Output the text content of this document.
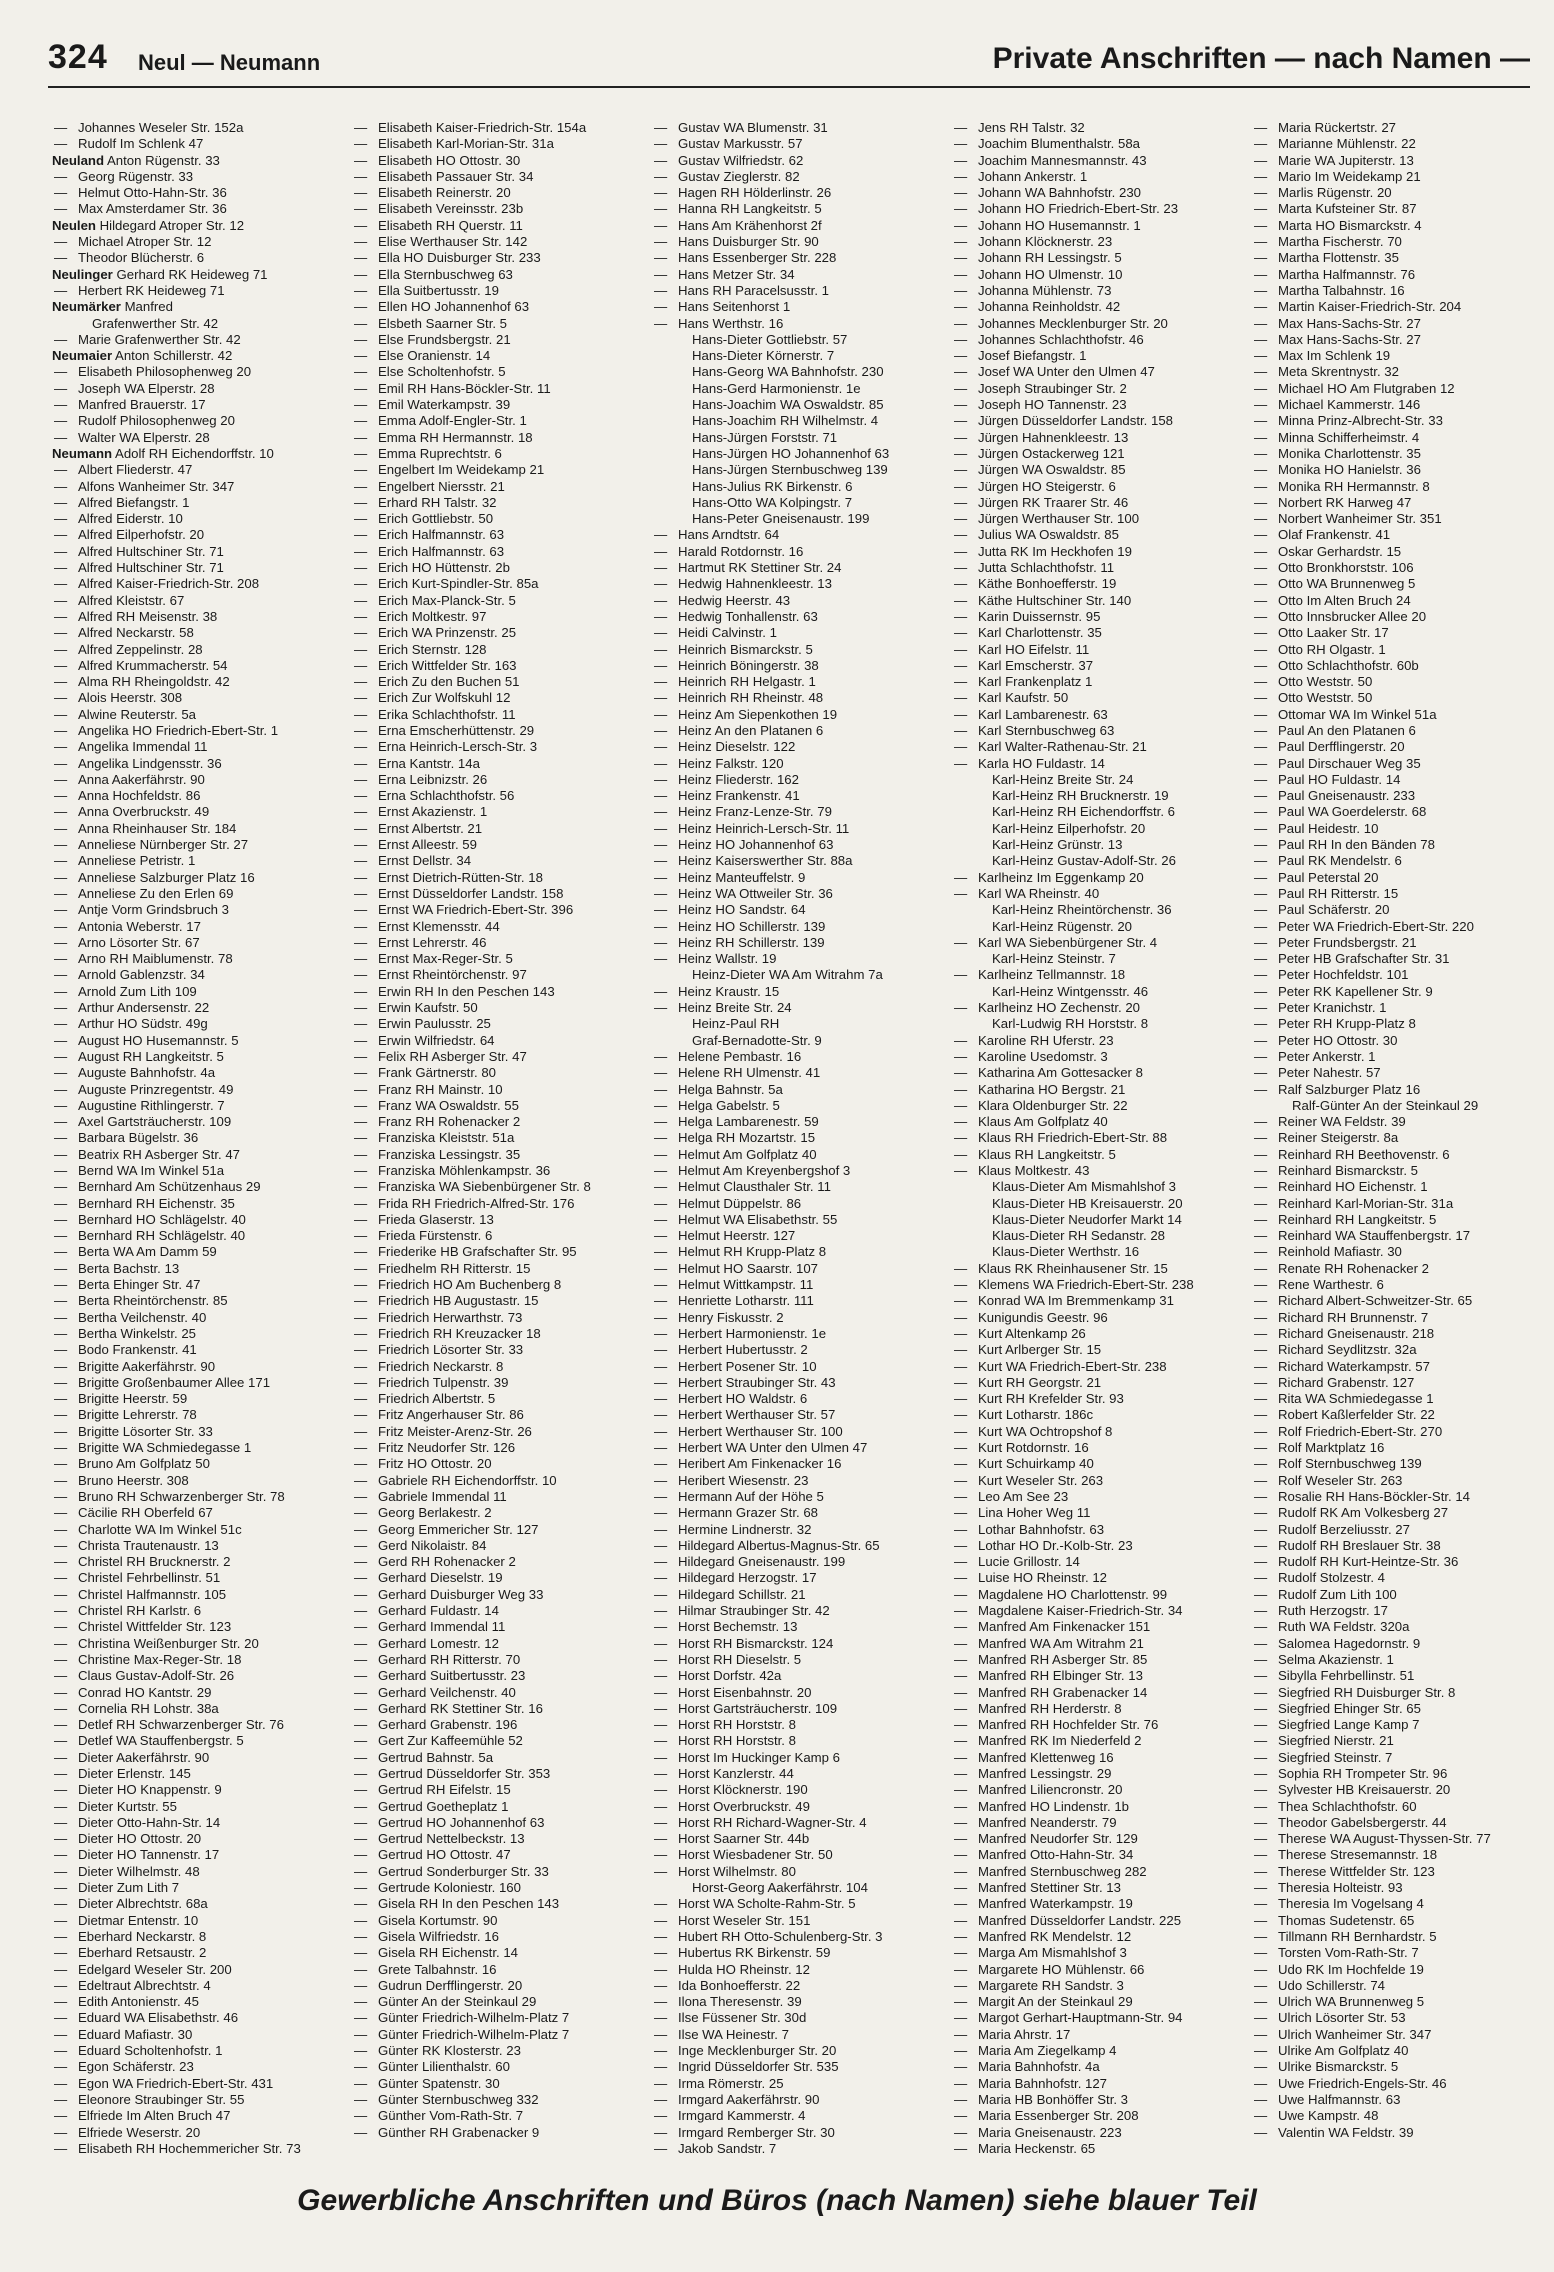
324 Neul — Neumann	Private Anschriften — nach Namen —
— Johannes Weseler Str. 152a
— Rudolf Im Schlenk 47
Neuland Anton Rügenstr. 33
— Georg Rügenstr. 33
— Helmut Otto-Hahn-Str. 36
— Max Amsterdamer Str. 36
Neulen Hildegard Atroper Str. 12
— Michael Atroper Str. 12
— Theodor Blücherstr. 6
Neulinger Gerhard RK Heideweg 71
— Herbert RK Heideweg 71
Neumärker Manfred
Grafenwerther Str. 42
— Marie Grafenwerther Str. 42
Neumaier Anton Schillerstr. 42
— Elisabeth Philosophenweg 20
— Joseph WA Elperstr. 28
— Manfred Brauerstr. 17
— Rudolf Philosophenweg 20
— Walter WA Elperstr. 28
Neumann Adolf RH Eichendorffstr. 10
— Albert Fliederstr. 47
— Alfons Wanheimer Str. 347
— Alfred Biefangstr. 1
— Alfred Eiderstr. 10
— Alfred Eilperhofstr. 20
— Alfred Hultschiner Str. 71
— Alfred Hultschiner Str. 71
— Alfred Kaiser-Friedrich-Str. 208
— Alfred Kleiststr. 67
— Alfred RH Meisenstr. 38
— Alfred Neckarstr. 58
— Alfred Zeppelinstr. 28
— Alfred Krummacherstr. 54
— Alma RH Rheingoldstr. 42
— Alois Heerstr. 308
— Alwine Reuterstr. 5a
— Angelika HO Friedrich-Ebert-Str. 1
— Angelika Immendal 11
— Angelika Lindgensstr. 36
— Anna Aakerfährstr. 90
— Anna Hochfeldstr. 86
— Anna Overbruckstr. 49
— Anna Rheinhauser Str. 184
— Anneliese Nürnberger Str. 27
— Anneliese Petristr. 1
— Anneliese Salzburger Platz 16
— Anneliese Zu den Erlen 69
— Antje Vorm Grindsbruch 3
— Antonia Weberstr. 17
— Arno Lösorter Str. 67
— Arno RH Maiblumenstr. 78
— Arnold Gablenzstr. 34
— Arnold Zum Lith 109
— Arthur Andersenstr. 22
— Arthur HO Südstr. 49g
— August HO Husemannstr. 5
— August RH Langkeitstr. 5
— Auguste Bahnhofstr. 4a
— Auguste Prinzregentstr. 49
— Augustine Rithlingerstr. 7
— Axel Gartsträucherstr. 109
— Barbara Bügelstr. 36
— Beatrix RH Asberger Str. 47
— Bernd WA Im Winkel 51a
— Bernhard Am Schützenhaus 29
— Bernhard RH Eichenstr. 35
— Bernhard HO Schlägelstr. 40
— Bernhard RH Schlägelstr. 40
— Berta WA Am Damm 59
— Berta Bachstr. 13
— Berta Ehinger Str. 47
— Berta Rheintörchenstr. 85
— Bertha Veilchenstr. 40
— Bertha Winkelstr. 25
— Bodo Frankenstr. 41
— Brigitte Aakerfährstr. 90
— Brigitte Großenbaumer Allee 171
— Brigitte Heerstr. 59
— Brigitte Lehrerstr. 78
— Brigitte Lösorter Str. 33
— Brigitte WA Schmiedegasse 1
— Bruno Am Golfplatz 50
— Bruno Heerstr. 308
— Bruno RH Schwarzenberger Str. 78
— Cäcilie RH Oberfeld 67
— Charlotte WA Im Winkel 51c
— Christa Trautenaustr. 13
— Christel RH Brucknerstr. 2
— Christel Fehrbellinstr. 51
— Christel Halfmannstr. 105
— Christel RH Karlstr. 6
— Christel Wittfelder Str. 123
— Christina Weißenburger Str. 20
— Christine Max-Reger-Str. 18
— Claus Gustav-Adolf-Str. 26
— Conrad HO Kantstr. 29
— Cornelia RH Lohstr. 38a
— Detlef RH Schwarzenberger Str. 76
— Detlef WA Stauffenbergstr. 5
— Dieter Aakerfährstr. 90
— Dieter Erlenstr. 145
— Dieter HO Knappenstr. 9
— Dieter Kurtstr. 55
— Dieter Otto-Hahn-Str. 14
— Dieter HO Ottostr. 20
— Dieter HO Tannenstr. 17
— Dieter Wilhelmstr. 48
— Dieter Zum Lith 7
— Dieter Albrechtstr. 68a
— Dietmar Entenstr. 10
— Eberhard Neckarstr. 8
— Eberhard Retsaustr. 2
— Edelgard Weseler Str. 200
— Edeltraut Albrechtstr. 4
— Edith Antonienstr. 45
— Eduard WA Elisabethstr. 46
— Eduard Mafiastr. 30
— Eduard Scholtenhofstr. 1
— Egon Schäferstr. 23
— Egon WA Friedrich-Ebert-Str. 431
— Eleonore Straubinger Str. 55
— Elfriede Im Alten Bruch 47
— Elfriede Weserstr. 20
— Elisabeth RH Hochemmericher Str. 73
— Elisabeth Kaiser-Friedrich-Str. 154a
— Elisabeth Karl-Morian-Str. 31a
— Elisabeth HO Ottostr. 30
— Elisabeth Passauer Str. 34
— Elisabeth Reinerstr. 20
— Elisabeth Vereinsstr. 23b
— Elisabeth RH Querstr. 11
— Elise Werthauser Str. 142
— Ella HO Duisburger Str. 233
— Ella Sternbuschweg 63
— Ella Suitbertusstr. 19
— Ellen HO Johannenhof 63
— Elsbeth Saarner Str. 5
— Else Frundsbergstr. 21
— Else Oranienstr. 14
— Else Scholtenhofstr. 5
— Emil RH Hans-Böckler-Str. 11
— Emil Waterkampstr. 39
— Emma Adolf-Engler-Str. 1
— Emma RH Hermannstr. 18
— Emma Ruprechtstr. 6
— Engelbert Im Weidekamp 21
— Engelbert Niersstr. 21
— Erhard RH Talstr. 32
— Erich Gottliebstr. 50
— Erich Halfmannstr. 63
— Erich Halfmannstr. 63
— Erich HO Hüttenstr. 2b
— Erich Kurt-Spindler-Str. 85a
— Erich Max-Planck-Str. 5
— Erich Moltkestr. 97
— Erich WA Prinzenstr. 25
— Erich Sternstr. 128
— Erich Wittfelder Str. 163
— Erich Zu den Buchen 51
— Erich Zur Wolfskuhl 12
— Erika Schlachthofstr. 11
— Erna Emscherhüttenstr. 29
— Erna Heinrich-Lersch-Str. 3
— Erna Kantstr. 14a
— Erna Leibnizstr. 26
— Erna Schlachthofstr. 56
— Ernst Akazienstr. 1
— Ernst Albertstr. 21
— Ernst Alleestr. 59
— Ernst Dellstr. 34
— Ernst Dietrich-Rütten-Str. 18
— Ernst Düsseldorfer Landstr. 158
— Ernst WA Friedrich-Ebert-Str. 396
— Ernst Klemensstr. 44
— Ernst Lehrerstr. 46
— Ernst Max-Reger-Str. 5
— Ernst Rheintörchenstr. 97
— Erwin RH In den Peschen 143
— Erwin Kaufstr. 50
— Erwin Paulusstr. 25
— Erwin Wilfriedstr. 64
— Felix RH Asberger Str. 47
— Frank Gärtnerstr. 80
— Franz RH Mainstr. 10
— Franz WA Oswaldstr. 55
— Franz RH Rohenacker 2
— Franziska Kleiststr. 51a
— Franziska Lessingstr. 35
— Franziska Möhlenkampstr. 36
— Franziska WA Siebenbürgener Str. 8
— Frida RH Friedrich-Alfred-Str. 176
— Frieda Glaserstr. 13
— Frieda Fürstenstr. 6
— Friederike HB Grafschafter Str. 95
— Friedhelm RH Ritterstr. 15
— Friedrich HO Am Buchenberg 8
— Friedrich HB Augustastr. 15
— Friedrich Herwarthstr. 73
— Friedrich RH Kreuzacker 18
— Friedrich Lösorter Str. 33
— Friedrich Neckarstr. 8
— Friedrich Tulpenstr. 39
— Friedrich Albertstr. 5
— Fritz Angerhauser Str. 86
— Fritz Meister-Arenz-Str. 26
— Fritz Neudorfer Str. 126
— Fritz HO Ottostr. 20
— Gabriele RH Eichendorffstr. 10
— Gabriele Immendal 11
— Georg Berlakestr. 2
— Georg Emmericher Str. 127
— Gerd Nikolaistr. 84
— Gerd RH Rohenacker 2
— Gerhard Dieselstr. 19
— Gerhard Duisburger Weg 33
— Gerhard Fuldastr. 14
— Gerhard Immendal 11
— Gerhard Lomestr. 12
— Gerhard RH Ritterstr. 70
— Gerhard Suitbertusstr. 23
— Gerhard Veilchenstr. 40
— Gerhard RK Stettiner Str. 16
— Gerhard Grabenstr. 196
— Gert Zur Kaffeemühle 52
— Gertrud Bahnstr. 5a
— Gertrud Düsseldorfer Str. 353
— Gertrud RH Eifelstr. 15
— Gertrud Goetheplatz 1
— Gertrud HO Johannenhof 63
— Gertrud Nettelbeckstr. 13
— Gertrud HO Ottostr. 47
— Gertrud Sonderburger Str. 33
— Gertrude Koloniestr. 160
— Gisela RH In den Peschen 143
— Gisela Kortumstr. 90
— Gisela Wilfriedstr. 16
— Gisela RH Eichenstr. 14
— Grete Talbahnstr. 16
— Gudrun Derfflingerstr. 20
— Günter An der Steinkaul 29
— Günter Friedrich-Wilhelm-Platz 7
— Günter Friedrich-Wilhelm-Platz 7
— Günter RK Klosterstr. 23
— Günter Lilienthalstr. 60
— Günter Spatenstr. 30
— Günter Sternbuschweg 332
— Günther Vom-Rath-Str. 7
— Günther RH Grabenacker 9
— Gustav WA Blumenstr. 31
— Gustav Markusstr. 57
— Gustav Wilfriedstr. 62
— Gustav Zieglerstr. 82
— Hagen RH Hölderlinstr. 26
— Hanna RH Langkeitstr. 5
— Hans Am Krähenhorst 2f
— Hans Duisburger Str. 90
— Hans Essenberger Str. 228
— Hans Metzer Str. 34
— Hans RH Paracelsusstr. 1
— Hans Seitenhorst 1
— Hans Werthstr. 16
Hans-Dieter Gottliebstr. 57
Hans-Dieter Körnerstr. 7
Hans-Georg WA Bahnhofstr. 230
Hans-Gerd Harmonienstr. 1e
Hans-Joachim WA Oswaldstr. 85
Hans-Joachim RH Wilhelmstr. 4
Hans-Jürgen Forststr. 71
Hans-Jürgen HO Johannenhof 63
Hans-Jürgen Sternbuschweg 139
Hans-Julius RK Birkenstr. 6
Hans-Otto WA Kolpingstr. 7
Hans-Peter Gneisenaustr. 199
— Hans Arndtstr. 64
— Harald Rotdornstr. 16
— Hartmut RK Stettiner Str. 24
— Hedwig Hahnenkleestr. 13
— Hedwig Heerstr. 43
— Hedwig Tonhallenstr. 63
— Heidi Calvinstr. 1
— Heinrich Bismarckstr. 5
— Heinrich Böningerstr. 38
— Heinrich RH Helgastr. 1
— Heinrich RH Rheinstr. 48
— Heinz Am Siepenkothen 19
— Heinz An den Platanen 6
— Heinz Dieselstr. 122
— Heinz Falkstr. 120
— Heinz Fliederstr. 162
— Heinz Frankenstr. 41
— Heinz Franz-Lenze-Str. 79
— Heinz Heinrich-Lersch-Str. 11
— Heinz HO Johannenhof 63
— Heinz Kaiserswerther Str. 88a
— Heinz Manteuffelstr. 9
— Heinz WA Ottweiler Str. 36
— Heinz HO Sandstr. 64
— Heinz HO Schillerstr. 139
— Heinz RH Schillerstr. 139
— Heinz Wallstr. 19
Heinz-Dieter WA Am Witrahm 7a
— Heinz Kraustr. 15
— Heinz Breite Str. 24
Heinz-Paul RH
Graf-Bernadotte-Str. 9
— Helene Pembastr. 16
— Helene RH Ulmenstr. 41
— Helga Bahnstr. 5a
— Helga Gabelstr. 5
— Helga Lambarenestr. 59
— Helga RH Mozartstr. 15
— Helmut Am Golfplatz 40
— Helmut Am Kreyenbergshof 3
— Helmut Clausthaler Str. 11
— Helmut Düppelstr. 86
— Helmut WA Elisabethstr. 55
— Helmut Heerstr. 127
— Helmut RH Krupp-Platz 8
— Helmut HO Saarstr. 107
— Helmut Wittkampstr. 11
— Henriette Lotharstr. 111
— Henry Fiskusstr. 2
— Herbert Harmonienstr. 1e
— Herbert Hubertusstr. 2
— Herbert Posener Str. 10
— Herbert Straubinger Str. 43
— Herbert HO Waldstr. 6
— Herbert Werthauser Str. 57
— Herbert Werthauser Str. 100
— Herbert WA Unter den Ulmen 47
— Heribert Am Finkenacker 16
— Heribert Wiesenstr. 23
— Hermann Auf der Höhe 5
— Hermann Grazer Str. 68
— Hermine Lindnerstr. 32
— Hildegard Albertus-Magnus-Str. 65
— Hildegard Gneisenaustr. 199
— Hildegard Herzogstr. 17
— Hildegard Schillstr. 21
— Hilmar Straubinger Str. 42
— Horst Bechemstr. 13
— Horst RH Bismarckstr. 124
— Horst RH Dieselstr. 5
— Horst Dorfstr. 42a
— Horst Eisenbahnstr. 20
— Horst Gartsträucherstr. 109
— Horst RH Horststr. 8
— Horst RH Horststr. 8
— Horst Im Huckinger Kamp 6
— Horst Kanzlerstr. 44
— Horst Klöcknerstr. 190
— Horst Overbruckstr. 49
— Horst RH Richard-Wagner-Str. 4
— Horst Saarner Str. 44b
— Horst Wiesbadener Str. 50
— Horst Wilhelmstr. 80
Horst-Georg Aakerfährstr. 104
— Horst WA Scholte-Rahm-Str. 5
— Horst Weseler Str. 151
— Hubert RH Otto-Schulenberg-Str. 3
— Hubertus RK Birkenstr. 59
— Hulda HO Rheinstr. 12
— Ida Bonhoefferstr. 22
— Ilona Theresenstr. 39
— Ilse Füssener Str. 30d
— Ilse WA Heinestr. 7
— Inge Mecklenburger Str. 20
— Ingrid Düsseldorfer Str. 535
— Irma Römerstr. 25
— Irmgard Aakerfährstr. 90
— Irmgard Kammerstr. 4
— Irmgard Remberger Str. 30
— Jakob Sandstr. 7
— Jens RH Talstr. 32
— Joachim Blumenthalstr. 58a
— Joachim Mannesmannstr. 43
— Johann Ankerstr. 1
— Johann WA Bahnhofstr. 230
— Johann HO Friedrich-Ebert-Str. 23
— Johann HO Husemannstr. 1
— Johann Klöcknerstr. 23
— Johann RH Lessingstr. 5
— Johann HO Ulmenstr. 10
— Johanna Mühlenstr. 73
— Johanna Reinholdstr. 42
— Johannes Mecklenburger Str. 20
— Johannes Schlachthofstr. 46
— Josef Biefangstr. 1
— Josef WA Unter den Ulmen 47
— Joseph Straubinger Str. 2
— Joseph HO Tannenstr. 23
— Jürgen Düsseldorfer Landstr. 158
— Jürgen Hahnenkleestr. 13
— Jürgen Ostackerweg 121
— Jürgen WA Oswaldstr. 85
— Jürgen HO Steigerstr. 6
— Jürgen RK Traarer Str. 46
— Jürgen Werthauser Str. 100
— Julius WA Oswaldstr. 85
— Jutta RK Im Heckhofen 19
— Jutta Schlachthofstr. 11
— Käthe Bonhoefferstr. 19
— Käthe Hultschiner Str. 140
— Karin Duissernstr. 95
— Karl Charlottenstr. 35
— Karl HO Eifelstr. 11
— Karl Emscherstr. 37
— Karl Frankenplatz 1
— Karl Kaufstr. 50
— Karl Lambarenestr. 63
— Karl Sternbuschweg 63
— Karl Walter-Rathenau-Str. 21
— Karla HO Fuldastr. 14
Karl-Heinz Breite Str. 24
Karl-Heinz RH Brucknerstr. 19
Karl-Heinz RH Eichendorffstr. 6
Karl-Heinz Eilperhofstr. 20
Karl-Heinz Grünstr. 13
Karl-Heinz Gustav-Adolf-Str. 26
— Karlheinz Im Eggenkamp 20
— Karl WA Rheinstr. 40
Karl-Heinz Rheintörchenstr. 36
Karl-Heinz Rügenstr. 20
— Karl WA Siebenbürgener Str. 4
Karl-Heinz Steinstr. 7
— Karlheinz Tellmannstr. 18
Karl-Heinz Wintgensstr. 46
— Karlheinz HO Zechenstr. 20
Karl-Ludwig RH Horststr. 8
— Karoline RH Uferstr. 23
— Karoline Usedomstr. 3
— Katharina Am Gottesacker 8
— Katharina HO Bergstr. 21
— Klara Oldenburger Str. 22
— Klaus Am Golfplatz 40
— Klaus RH Friedrich-Ebert-Str. 88
— Klaus RH Langkeitstr. 5
— Klaus Moltkestr. 43
Klaus-Dieter Am Mismahlshof 3
Klaus-Dieter HB Kreisauerstr. 20
Klaus-Dieter Neudorfer Markt 14
Klaus-Dieter RH Sedanstr. 28
Klaus-Dieter Werthstr. 16
— Klaus RK Rheinhausener Str. 15
— Klemens WA Friedrich-Ebert-Str. 238
— Konrad WA Im Bremmenkamp 31
— Kunigundis Geestr. 96
— Kurt Altenkamp 26
— Kurt Arlberger Str. 15
— Kurt WA Friedrich-Ebert-Str. 238
— Kurt RH Georgstr. 21
— Kurt RH Krefelder Str. 93
— Kurt Lotharstr. 186c
— Kurt WA Ochtropshof 8
— Kurt Rotdornstr. 16
— Kurt Schuirkamp 40
— Kurt Weseler Str. 263
— Leo Am See 23
— Lina Hoher Weg 11
— Lothar Bahnhofstr. 63
— Lothar HO Dr.-Kolb-Str. 23
— Lucie Grillostr. 14
— Luise HO Rheinstr. 12
— Magdalene HO Charlottenstr. 99
— Magdalene Kaiser-Friedrich-Str. 34
— Manfred Am Finkenacker 151
— Manfred WA Am Witrahm 21
— Manfred RH Asberger Str. 85
— Manfred RH Elbinger Str. 13
— Manfred RH Grabenacker 14
— Manfred RH Herderstr. 8
— Manfred RH Hochfelder Str. 76
— Manfred RK Im Niederfeld 2
— Manfred Klettenweg 16
— Manfred Lessingstr. 29
— Manfred Liliencronstr. 20
— Manfred HO Lindenstr. 1b
— Manfred Neanderstr. 79
— Manfred Neudorfer Str. 129
— Manfred Otto-Hahn-Str. 34
— Manfred Sternbuschweg 282
— Manfred Stettiner Str. 13
— Manfred Waterkampstr. 19
— Manfred Düsseldorfer Landstr. 225
— Manfred RK Mendelstr. 12
— Marga Am Mismahlshof 3
— Margarete HO Mühlenstr. 66
— Margarete RH Sandstr. 3
— Margit An der Steinkaul 29
— Margot Gerhart-Hauptmann-Str. 94
— Maria Ahrstr. 17
— Maria Am Ziegelkamp 4
— Maria Bahnhofstr. 4a
— Maria Bahnhofstr. 127
— Maria HB Bonhöffer Str. 3
— Maria Essenberger Str. 208
— Maria Gneisenaustr. 223
— Maria Heckenstr. 65
— Maria Rückertstr. 27
— Marianne Mühlenstr. 22
— Marie WA Jupiterstr. 13
— Mario Im Weidekamp 21
— Marlis Rügenstr. 20
— Marta Kufsteiner Str. 87
— Marta HO Bismarckstr. 4
— Martha Fischerstr. 70
— Martha Flottenstr. 35
— Martha Halfmannstr. 76
— Martha Talbahnstr. 16
— Martin Kaiser-Friedrich-Str. 204
— Max Hans-Sachs-Str. 27
— Max Hans-Sachs-Str. 27
— Max Im Schlenk 19
— Meta Skrentnystr. 32
— Michael HO Am Flutgraben 12
— Michael Kammerstr. 146
— Minna Prinz-Albrecht-Str. 33
— Minna Schifferheimstr. 4
— Monika Charlottenstr. 35
— Monika HO Hanielstr. 36
— Monika RH Hermannstr. 8
— Norbert RK Harweg 47
— Norbert Wanheimer Str. 351
— Olaf Frankenstr. 41
— Oskar Gerhardstr. 15
— Otto Bronkhorststr. 106
— Otto WA Brunnenweg 5
— Otto Im Alten Bruch 24
— Otto Innsbrucker Allee 20
— Otto Laaker Str. 17
— Otto RH Olgastr. 1
— Otto Schlachthofstr. 60b
— Otto Weststr. 50
— Otto Weststr. 50
— Ottomar WA Im Winkel 51a
— Paul An den Platanen 6
— Paul Derfflingerstr. 20
— Paul Dirschauer Weg 35
— Paul HO Fuldastr. 14
— Paul Gneisenaustr. 233
— Paul WA Goerdelerstr. 68
— Paul Heidestr. 10
— Paul RH In den Bänden 78
— Paul RK Mendelstr. 6
— Paul Peterstal 20
— Paul RH Ritterstr. 15
— Paul Schäferstr. 20
— Peter WA Friedrich-Ebert-Str. 220
— Peter Frundsbergstr. 21
— Peter HB Grafschafter Str. 31
— Peter Hochfeldstr. 101
— Peter RK Kapellener Str. 9
— Peter Kranichstr. 1
— Peter RH Krupp-Platz 8
— Peter HO Ottostr. 30
— Peter Ankerstr. 1
— Peter Nahestr. 57
— Ralf Salzburger Platz 16
Ralf-Günter An der Steinkaul 29
— Reiner WA Feldstr. 39
— Reiner Steigerstr. 8a
— Reinhard RH Beethovenstr. 6
— Reinhard Bismarckstr. 5
— Reinhard HO Eichenstr. 1
— Reinhard Karl-Morian-Str. 31a
— Reinhard RH Langkeitstr. 5
— Reinhard WA Stauffenbergstr. 17
— Reinhold Mafiastr. 30
— Renate RH Rohenacker 2
— Rene Warthestr. 6
— Richard Albert-Schweitzer-Str. 65
— Richard RH Brunnenstr. 7
— Richard Gneisenaustr. 218
— Richard Seydlitzstr. 32a
— Richard Waterkampstr. 57
— Richard Grabenstr. 127
— Rita WA Schmiedegasse 1
— Robert Kaßlerfelder Str. 22
— Rolf Friedrich-Ebert-Str. 270
— Rolf Marktplatz 16
— Rolf Sternbuschweg 139
— Rolf Weseler Str. 263
— Rosalie RH Hans-Böckler-Str. 14
— Rudolf RK Am Volkesberg 27
— Rudolf Berzeliusstr. 27
— Rudolf RH Breslauer Str. 38
— Rudolf RH Kurt-Heintze-Str. 36
— Rudolf Stolzestr. 4
— Rudolf Zum Lith 100
— Ruth Herzogstr. 17
— Ruth WA Feldstr. 320a
— Salomea Hagedornstr. 9
— Selma Akazienstr. 1
— Sibylla Fehrbellinstr. 51
— Siegfried RH Duisburger Str. 8
— Siegfried Ehinger Str. 65
— Siegfried Lange Kamp 7
— Siegfried Nierstr. 21
— Siegfried Steinstr. 7
— Sophia RH Trompeter Str. 96
— Sylvester HB Kreisauerstr. 20
— Thea Schlachthofstr. 60
— Theodor Gabelsbergerstr. 44
— Therese WA August-Thyssen-Str. 77
— Therese Stresemannstr. 18
— Therese Wittfelder Str. 123
— Theresia Holteistr. 93
— Theresia Im Vogelsang 4
— Thomas Sudetenstr. 65
— Tillmann RH Bernhardstr. 5
— Torsten Vom-Rath-Str. 7
— Udo RK Im Hochfelde 19
— Udo Schillerstr. 74
— Ulrich WA Brunnenweg 5
— Ulrich Lösorter Str. 53
— Ulrich Wanheimer Str. 347
— Ulrike Am Golfplatz 40
— Ulrike Bismarckstr. 5
— Uwe Friedrich-Engels-Str. 46
— Uwe Halfmannstr. 63
— Uwe Kampstr. 48
— Valentin WA Feldstr. 39
Gewerbliche Anschriften und Büros (nach Namen) siehe blauer Teil
